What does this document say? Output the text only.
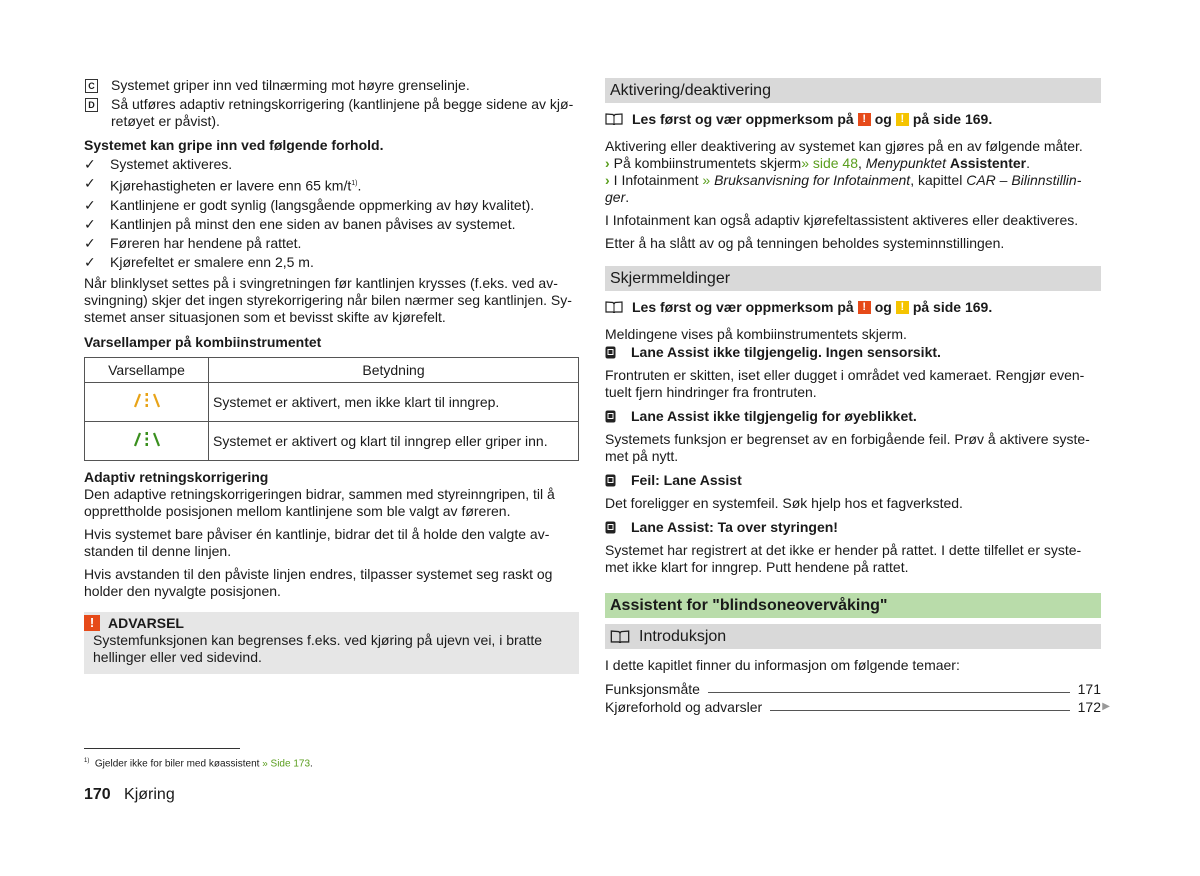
C Systemet griper inn ved tilnærming mot høyre grenselinje.
D Så utføres adaptiv retningskorrigering (kantlinjene på begge sidene av kjø-
retøyet er påvist).

Systemet kan gripe inn ved følgende forhold.

✓	Systemet aktiveres.
✓	Kjørehastigheten er lavere enn 65 $km/t^{1)}$.
✓	Kantlinjene er godt synlig (langsgående oppmerking av høy kvalitet).
✓	Kantlinjen på minst den ene siden av banen påvises av systemet.
✓	Føreren har hendene på rattet.
✓	Kjørefeltet er smalere enn 2,5 m.

Når blinklyset settes på i svingretningen før kantlinjen krysses (f.eks. ved av-
svingning) skjer det ingen styrekorrigering når bilen nærmer seg kantlinjen. Sy-
stemet anser situasjonen som et bevisst skifte av kjørefelt.

Varsellamper på kombiinstrumentet

Varsellampe	Betydning
	Systemet er aktivert, men ikke klart til inngrep.
	Systemet er aktivert og klart til inngrep eller griper inn.

Adaptiv retningskorrigering

Den adaptive retningskorrigeringen bidrar, sammen med styreinngripen, til å
opprettholde posisjonen mellom kantlinjene som ble valgt av føreren.

Hvis systemet bare påviser én kantlinje, bidrar det til å holde den valgte av-
standen til denne linjen.

Hvis avstanden til den påviste linjen endres, tilpasser systemet seg raskt og
holder den nyvalgte posisjonen.

! ADVARSEL

Systemfunksjonen kan begrenses f.eks. ved kjøring på ujevn vei, i bratte
hellinger eller ved sidevind.

Aktivering/deaktivering
Les først og vær oppmerksom på ! og ! på side 169.

Aktivering eller deaktivering av systemet kan gjøres på en av følgende måter.

› På kombiinstrumentets skjerm» side 48, Menypunktet Assistenter.

› I Infotainment » Bruksanvisning for Infotainment, kapittel CAR – Bilinnstillin-
ger.

I Infotainment kan også adaptiv kjørefeltassistent aktiveres eller deaktiveres.

Etter å ha slått av og på tenningen beholdes systeminnstillingen.

Skjermmeldinger
Les først og vær oppmerksom på ! og ! på side 169.

Meldingene vises på kombiinstrumentets skjerm.

Lane Assist ikke tilgjengelig. Ingen sensorsikt.

Frontruten er skitten, iset eller dugget i området ved kameraet. Rengjør even-
tuelt fjern hindringer fra frontruten.

Lane Assist ikke tilgjengelig for øyeblikket.

Systemets funksjon er begrenset av en forbigående feil. Prøv å aktivere syste-
met på nytt.

Feil: Lane Assist

Det foreligger en systemfeil. Søk hjelp hos et fagverksted.

Lane Assist: Ta over styringen!

Systemet har registrert at det ikke er hender på rattet. I dette tilfellet er syste-
met ikke klart for inngrep. Putt hendene på rattet.

Assistent for "blindsoneovervåking"
Introduksjon

I dette kapitlet finner du informasjon om følgende temaer:

Funksjonsmåte	171
Kjøreforhold og advarsler	172 ▶
$^{1)}$ Gjelder ikke for biler med køassistent » Side 173.
170 Kjøring
